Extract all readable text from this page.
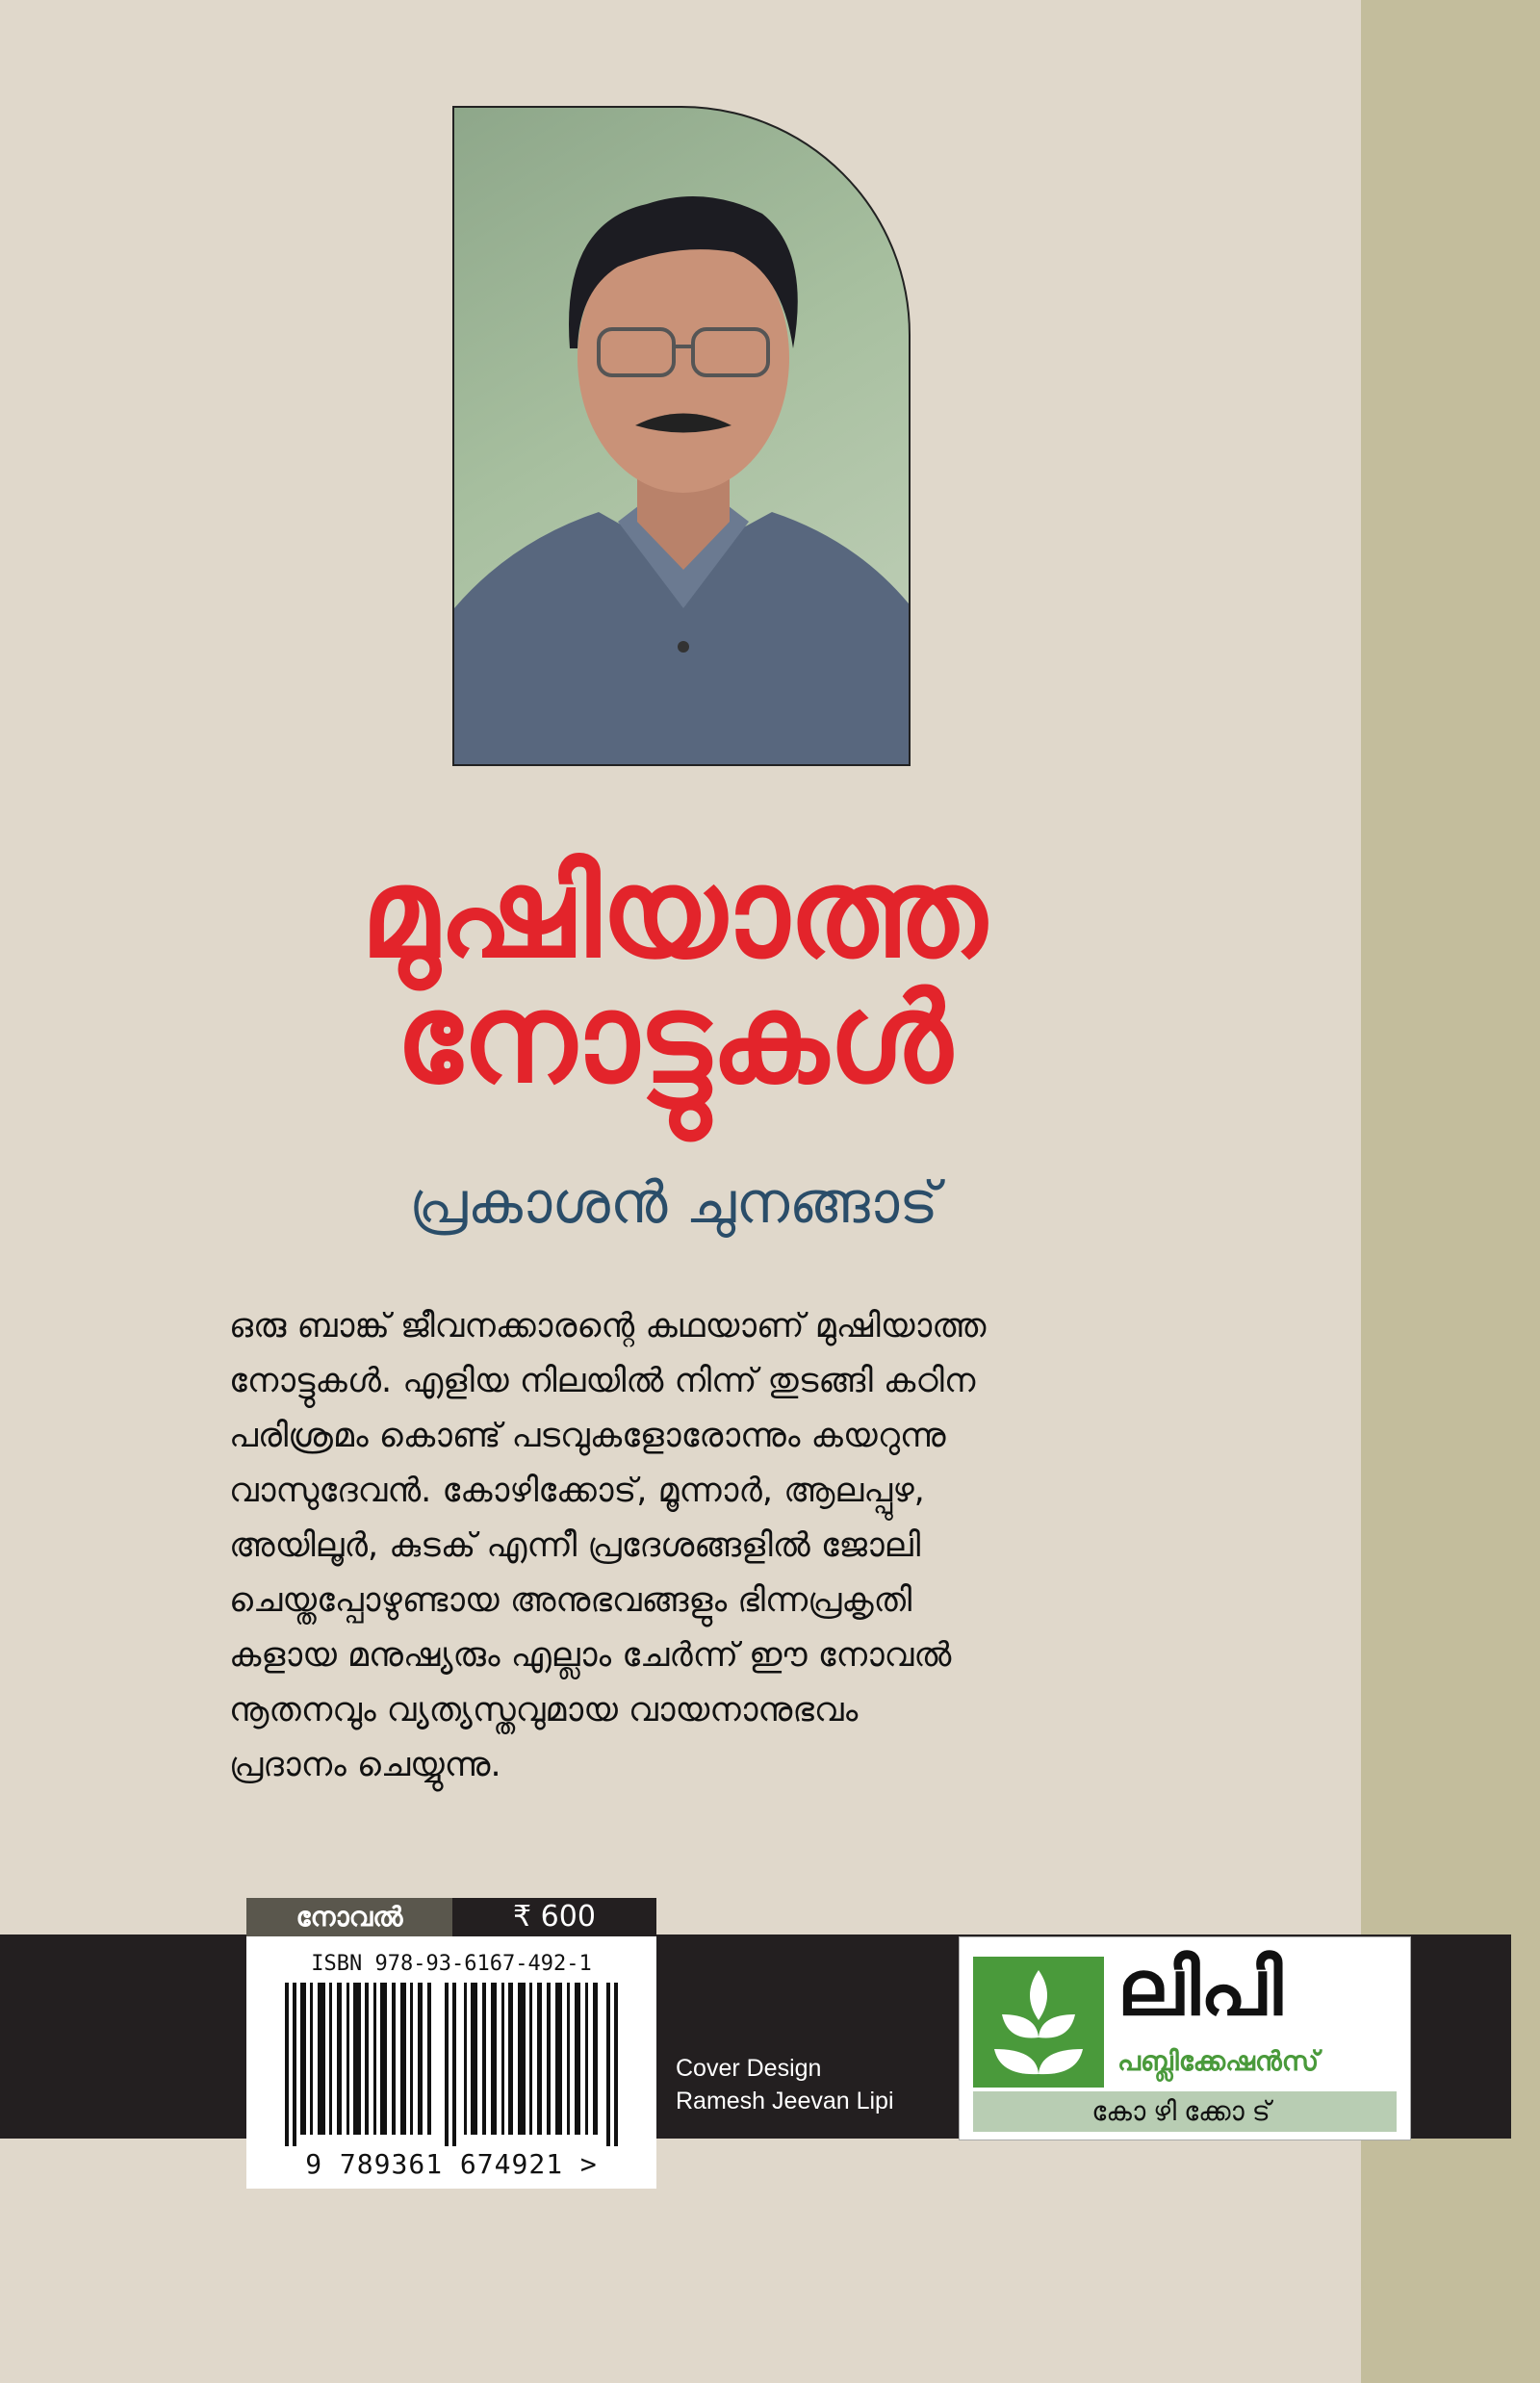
മുഷിയാത്ത
നോട്ടുകൾ
പ്രകാശൻ ചുനങ്ങാട്

ഒരു ബാങ്ക് ജീവനക്കാരന്റെ കഥയാണ് മുഷിയാത്ത

നോട്ടുകൾ. എളിയ നിലയിൽ നിന്ന് തുടങ്ങി കഠിന

പരിശ്രമം കൊണ്ട് പടവുകളോരോന്നും കയറുന്നു

വാസുദേവൻ. കോഴിക്കോട്, മൂന്നാർ, ആലപ്പുഴ,

അയിലൂർ, കുടക് എന്നീ പ്രദേശങ്ങളിൽ ജോലി

ചെയ്തപ്പോഴുണ്ടായ അനുഭവങ്ങളും ഭിന്നപ്രകൃതി

കളായ മനുഷ്യരും എല്ലാം ചേർന്ന് ഈ നോവൽ

നൂതനവും വ്യത്യസ്തവുമായ വായനാനുഭവം

പ്രദാനം ചെയ്യുന്നു.

നോവൽ	₹ 600
ISBN 978-93-6167-492-1
9 789361 674921 >
Cover Design
Ramesh Jeevan Lipi
ലിപി
പബ്ലിക്കേഷൻസ്
കോഴിക്കോട്
